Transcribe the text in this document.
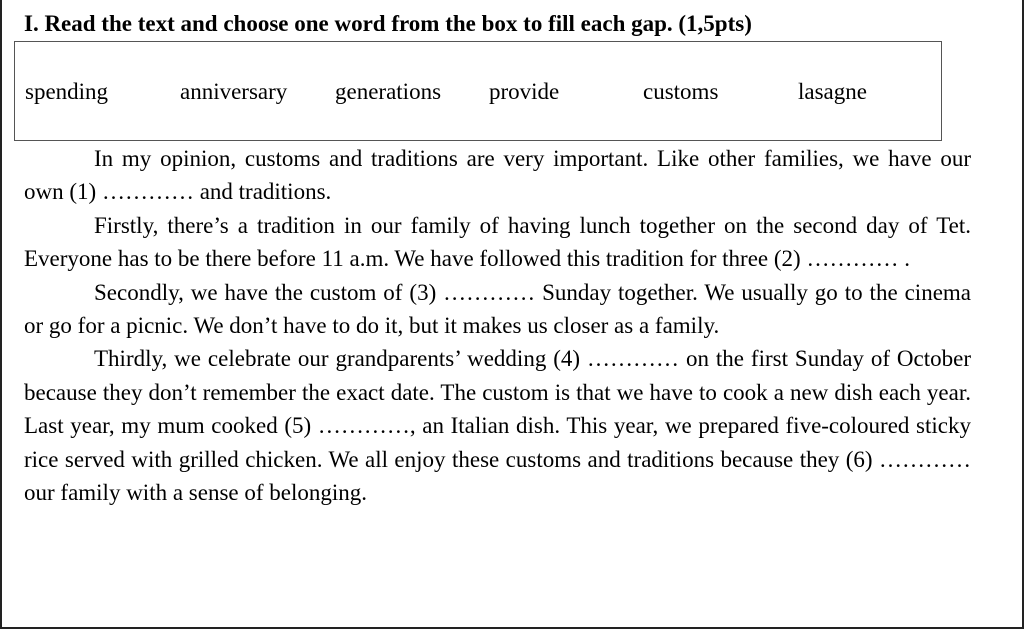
I. Read the text and choose one word from the box to fill each gap. (1,5pts)
spending	anniversary generations provide	customs	lasagne

In my opinion, customs and traditions are very important. Like other families, we have our own (1) ………… and traditions.

Firstly, there’s a tradition in our family of having lunch together on the second day of Tet. Everyone has to be there before 11 a.m. We have followed this tradition for three (2) ………… .

Secondly, we have the custom of (3) ………… Sunday together. We usually go to the cinema or go for a picnic. We don’t have to do it, but it makes us closer as a family.

Thirdly, we celebrate our grandparents’ wedding (4) ………… on the first Sunday of October because they don’t remember the exact date. The custom is that we have to cook a new dish each year. Last year, my mum cooked (5) …………, an Italian dish. This year, we prepared five-coloured sticky rice served with grilled chicken. We all enjoy these customs and traditions because they (6) ………… our family with a sense of belonging.
